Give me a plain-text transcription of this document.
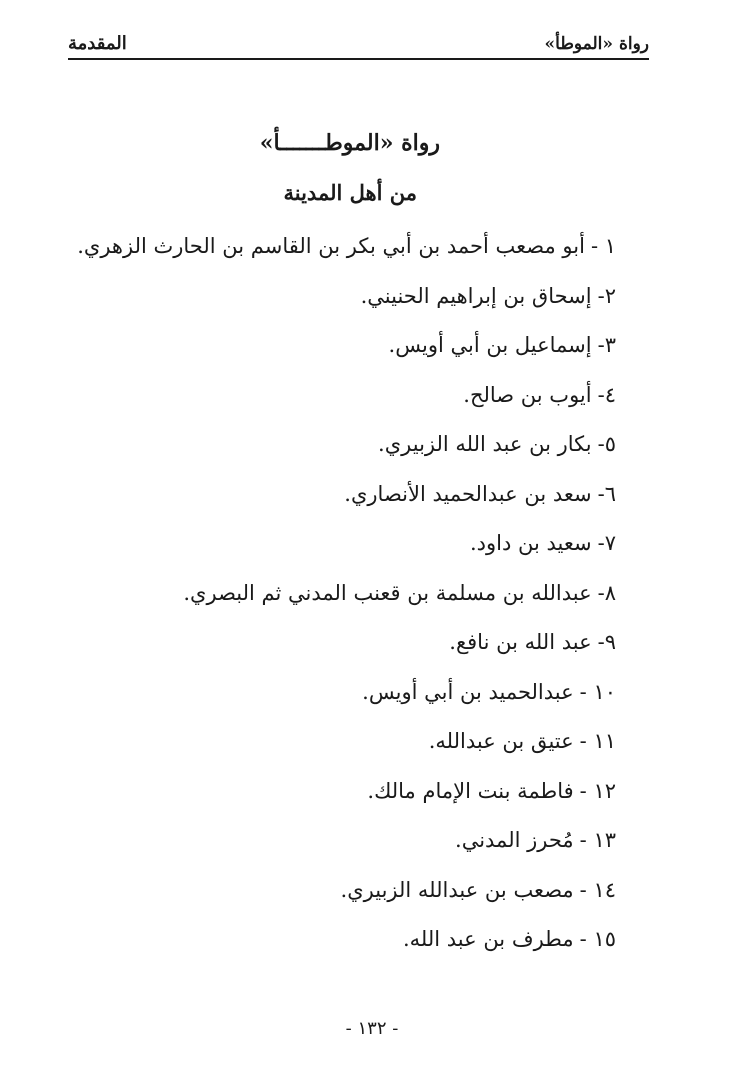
رواة «الموطأ»
المقدمة
رواة «الموطـــــــأ»
من أهل المدينة
١ -أبو مصعب أحمد بن أبي بكر بن القاسم بن الحارث الزهري.
٢-إسحاق بن إبراهيم الحنيني.
٣-إسماعيل بن أبي أويس.
٤-أيوب بن صالح.
٥-بكار بن عبد الله الزبيري.
٦-سعد بن عبدالحميد الأنصاري.
٧-سعيد بن داود.
٨-عبدالله بن مسلمة بن قعنب المدني ثم البصري.
٩-عبد الله بن نافع.
١٠ -عبدالحميد بن أبي أويس.
١١ -عتيق بن عبدالله.
١٢ -فاطمة بنت الإمام مالك.
١٣ -مُحرز المدني.
١٤ -مصعب بن عبدالله الزبيري.
١٥ -مطرف بن عبد الله.
- ١٣٢ -
